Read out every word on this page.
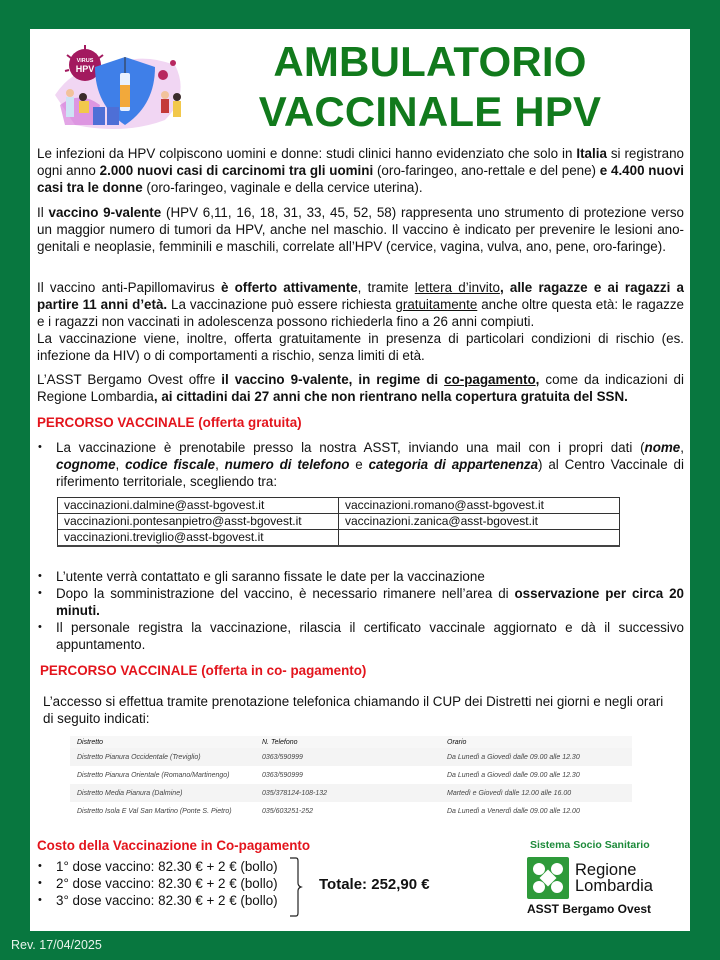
VIRUS
HPV	AMBULATORIO
VACCINALE HPV

Le infezioni da HPV colpiscono uomini e donne: studi clinici hanno evidenziato che solo in Italia si registrano ogni anno 2.000 nuovi casi di carcinomi tra gli uomini (oro-faringeo, ano-rettale e del pene) e 4.400 nuovi casi tra le donne (oro-faringeo, vaginale e della cervice uterina).

Il vaccino 9-valente (HPV 6,11, 16, 18, 31, 33, 45, 52, 58) rappresenta uno strumento di protezione verso un maggior numero di tumori da HPV, anche nel maschio. Il vaccino è indicato per prevenire le lesioni ano-genitali e neoplasie, femminili e maschili, correlate all’HPV (cervice, vagina, vulva, ano, pene, oro-faringe).

Il vaccino anti-Papillomavirus è offerto attivamente, tramite lettera d’invito, alle ragazze e ai ragazzi a partire 11 anni d’età. La vaccinazione può essere richiesta gratuitamente anche oltre questa età: le ragazze e i ragazzi non vaccinati in adolescenza possono richiederla fino a 26 anni compiuti.

La vaccinazione viene, inoltre, offerta gratuitamente in presenza di particolari condizioni di rischio (es. infezione da HIV) o di comportamenti a rischio, senza limiti di età.

L’ASST Bergamo Ovest offre il vaccino 9-valente, in regime di co-pagamento, come da indicazioni di Regione Lombardia, ai cittadini dai 27 anni che non rientrano nella copertura gratuita del SSN.

PERCORSO VACCINALE (offerta gratuita)
• La vaccinazione è prenotabile presso la nostra ASST, inviando una mail con i propri dati (nome, cognome, codice fiscale, numero di telefono e categoria di appartenenza) al Centro Vaccinale di riferimento territoriale, scegliendo tra:
vaccinazioni.dalmine@asst-bgovest.it	vaccinazioni.romano@asst-bgovest.it
vaccinazioni.pontesanpietro@asst-bgovest.it	vaccinazioni.zanica@asst-bgovest.it
vaccinazioni.treviglio@asst-bgovest.it	
• L’utente verrà contattato e gli saranno fissate le date per la vaccinazione
• Dopo la somministrazione del vaccino, è necessario rimanere nell’area di osservazione per circa 20 minuti.
• Il personale registra la vaccinazione, rilascia il certificato vaccinale aggiornato e dà il successivo appuntamento.
PERCORSO VACCINALE (offerta in co- pagamento)
L’accesso si effettua tramite prenotazione telefonica chiamando il CUP dei Distretti nei giorni e negli orari di seguito indicati:
Distretto	N. Telefono	Orario
Distretto Pianura Occidentale (Treviglio)	0363/590999	Da Lunedì a Giovedì dalle 09.00 alle 12.30
Distretto Pianura Orientale (Romano/Martinengo)	0363/590999	Da Lunedì a Giovedì dalle 09.00 alle 12.30
Distretto Media Pianura (Dalmine)	035/378124-108-132	Martedì e Giovedì dalle 12.00 alle 16.00
Distretto Isola E Val San Martino (Ponte S. Pietro)	035/603251-252	Da Lunedì a Venerdì dalle 09.00 alle 12.00
Costo della Vaccinazione in Co-pagamento
• 1° dose vaccino: 82.30 € + 2 € (bollo)
• 2° dose vaccino: 82.30 € + 2 € (bollo)
• 3° dose vaccino: 82.30 € + 2 € (bollo)
Totale: 252,90 €
Sistema Socio Sanitario
Regione
Lombardia
ASST Bergamo Ovest
Rev. 17/04/2025
